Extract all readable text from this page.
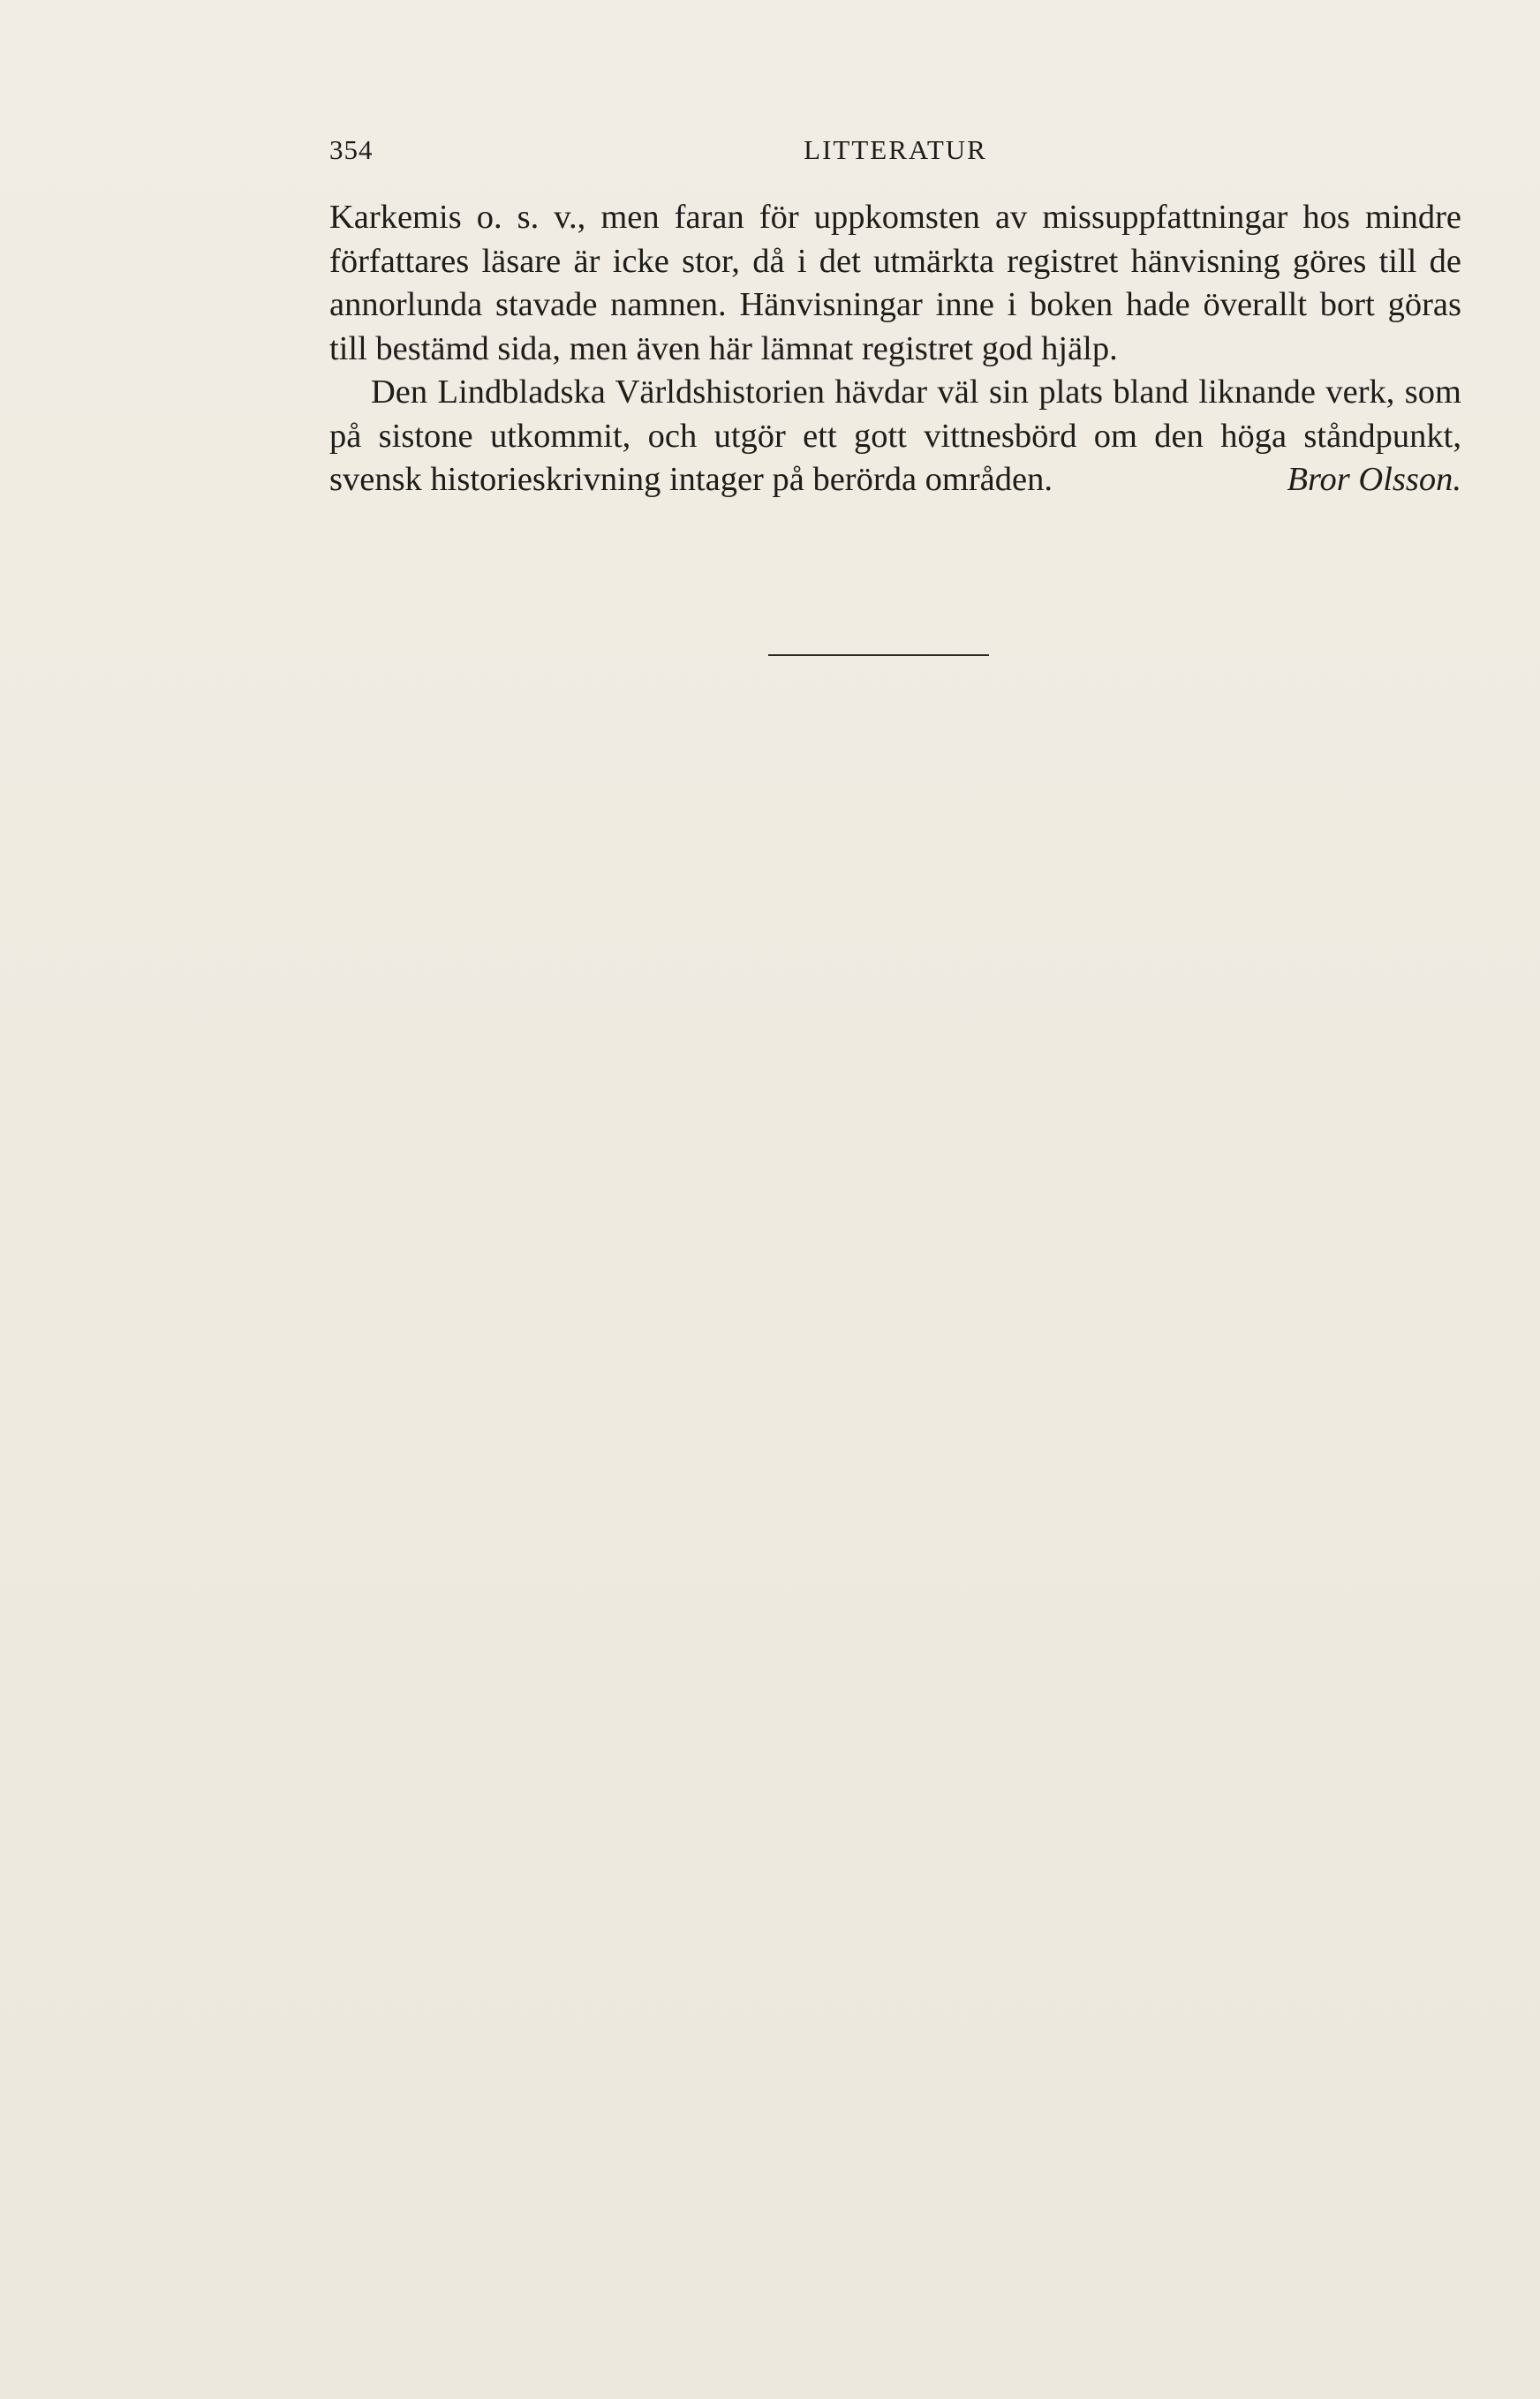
354	LITTERATUR

Karkemis o. s. v., men faran för uppkomsten av missuppfattningar hos mindre författares läsare är icke stor, då i det utmärkta registret hänvisning göres till de annorlunda stavade namnen. Hänvisningar inne i boken hade överallt bort göras till bestämd sida, men även här lämnat registret god hjälp.

Den Lindbladska Världshistorien hävdar väl sin plats bland liknande verk, som på sistone utkommit, och utgör ett gott vittnesbörd om den höga ståndpunkt, svensk historieskrivning intager på berörda områden.	Bror Olsson.
